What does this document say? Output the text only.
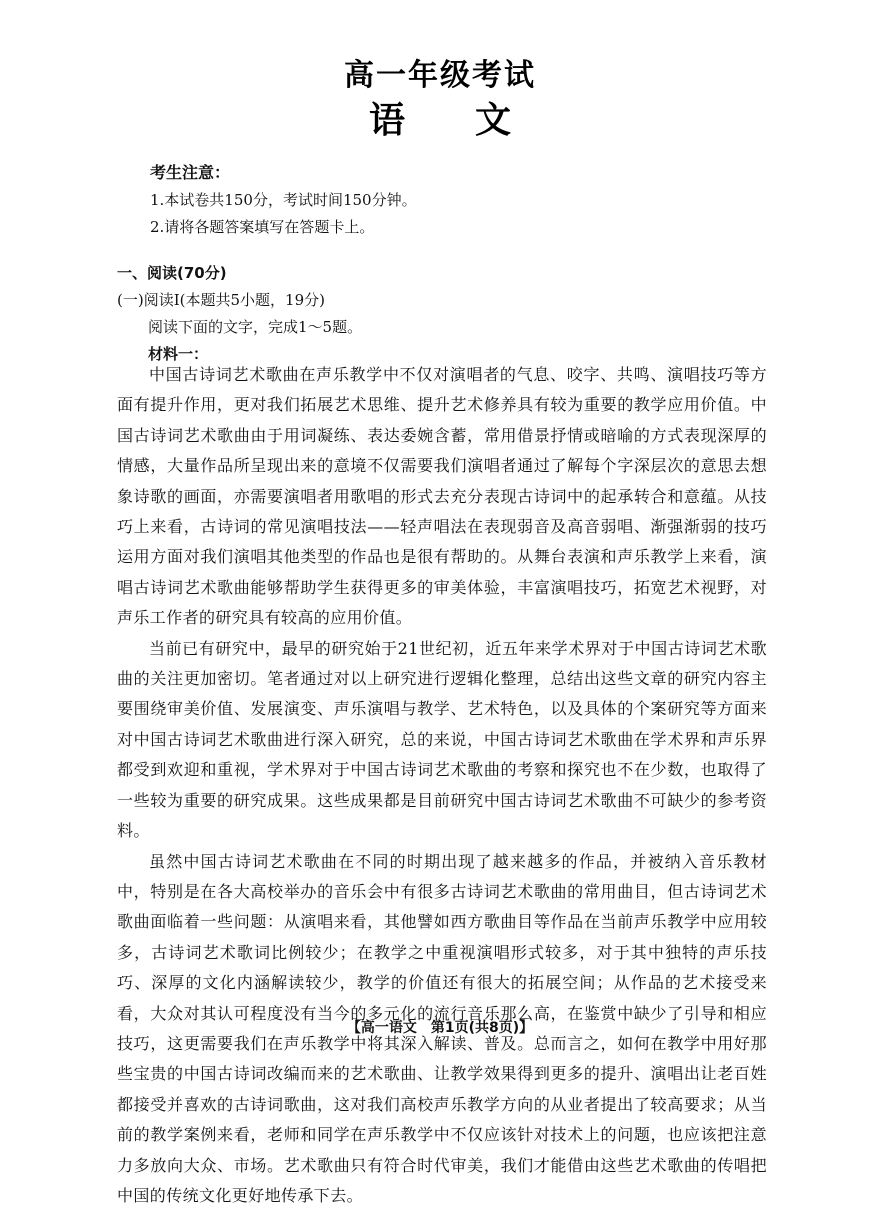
高一年级考试
语文
考生注意：
1.本试卷共150分，考试时间150分钟。
2.请将各题答案填写在答题卡上。
一、阅读(70分)
(一)阅读Ⅰ(本题共5小题，19分)
阅读下面的文字，完成1～5题。
材料一：

中国古诗词艺术歌曲在声乐教学中不仅对演唱者的气息、咬字、共鸣、演唱技巧等方面有提升作用，更对我们拓展艺术思维、提升艺术修养具有较为重要的教学应用价值。中国古诗词艺术歌曲由于用词凝练、表达委婉含蓄，常用借景抒情或暗喻的方式表现深厚的情感，大量作品所呈现出来的意境不仅需要我们演唱者通过了解每个字深层次的意思去想象诗歌的画面，亦需要演唱者用歌唱的形式去充分表现古诗词中的起承转合和意蕴。从技巧上来看，古诗词的常见演唱技法——轻声唱法在表现弱音及高音弱唱、渐强渐弱的技巧运用方面对我们演唱其他类型的作品也是很有帮助的。从舞台表演和声乐教学上来看，演唱古诗词艺术歌曲能够帮助学生获得更多的审美体验，丰富演唱技巧，拓宽艺术视野，对声乐工作者的研究具有较高的应用价值。

当前已有研究中，最早的研究始于21世纪初，近五年来学术界对于中国古诗词艺术歌曲的关注更加密切。笔者通过对以上研究进行逻辑化整理，总结出这些文章的研究内容主要围绕审美价值、发展演变、声乐演唱与教学、艺术特色，以及具体的个案研究等方面来对中国古诗词艺术歌曲进行深入研究，总的来说，中国古诗词艺术歌曲在学术界和声乐界都受到欢迎和重视，学术界对于中国古诗词艺术歌曲的考察和探究也不在少数，也取得了一些较为重要的研究成果。这些成果都是目前研究中国古诗词艺术歌曲不可缺少的参考资料。

虽然中国古诗词艺术歌曲在不同的时期出现了越来越多的作品，并被纳入音乐教材中，特别是在各大高校举办的音乐会中有很多古诗词艺术歌曲的常用曲目，但古诗词艺术歌曲面临着一些问题：从演唱来看，其他譬如西方歌曲目等作品在当前声乐教学中应用较多，古诗词艺术歌词比例较少；在教学之中重视演唱形式较多，对于其中独特的声乐技巧、深厚的文化内涵解读较少，教学的价值还有很大的拓展空间；从作品的艺术接受来看，大众对其认可程度没有当今的多元化的流行音乐那么高，在鉴赏中缺少了引导和相应技巧，这更需要我们在声乐教学中将其深入解读、普及。总而言之，如何在教学中用好那些宝贵的中国古诗词改编而来的艺术歌曲、让教学效果得到更多的提升、演唱出让老百姓都接受并喜欢的古诗词歌曲，这对我们高校声乐教学方向的从业者提出了较高要求；从当前的教学案例来看，老师和同学在声乐教学中不仅应该针对技术上的问题，也应该把注意力多放向大众、市场。艺术歌曲只有符合时代审美，我们才能借由这些艺术歌曲的传唱把中国的传统文化更好地传承下去。

【高一语文　第1页(共8页)】
